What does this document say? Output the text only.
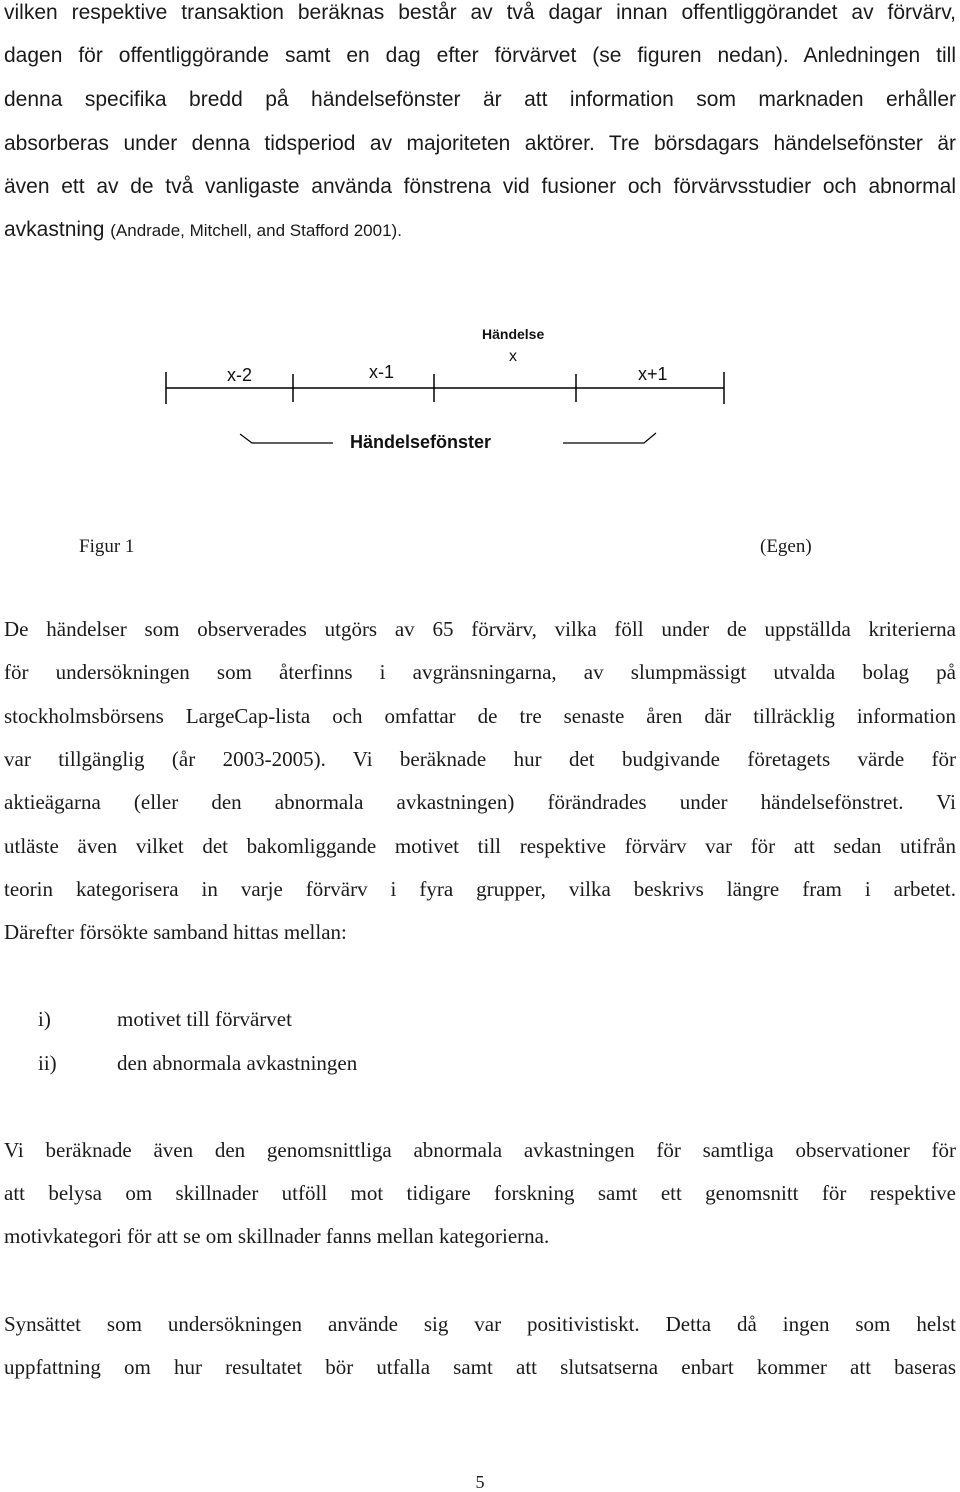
vilken respektive transaktion beräknas består av två dagar innan offentliggörandet av förvärv,

dagen för offentliggörande samt en dag efter förvärvet (se figuren nedan). Anledningen till

denna specifika bredd på händelsefönster är att information som marknaden erhåller

absorberas under denna tidsperiod av majoriteten aktörer. Tre börsdagars händelsefönster är

även ett av de två vanligaste använda fönstrena vid fusioner och förvärvsstudier och abnormal

avkastning (Andrade, Mitchell, and Stafford 2001).

Händelse
x
x-2	x-1	x+1
Händelsefönster
Figur 1	(Egen)

De händelser som observerades utgörs av 65 förvärv, vilka föll under de uppställda kriterierna

för undersökningen som återfinns i avgränsningarna, av slumpmässigt utvalda bolag på

stockholmsbörsens LargeCap-lista och omfattar de tre senaste åren där tillräcklig information

var tillgänglig (år 2003-2005). Vi beräknade hur det budgivande företagets värde för

aktieägarna (eller den abnormala avkastningen) förändrades under händelsefönstret. Vi

utläste även vilket det bakomliggande motivet till respektive förvärv var för att sedan utifrån

teorin kategorisera in varje förvärv i fyra grupper, vilka beskrivs längre fram i arbetet.

Därefter försökte samband hittas mellan:

i)	motivet till förvärvet
ii)	den abnormala avkastningen

Vi beräknade även den genomsnittliga abnormala avkastningen för samtliga observationer för

att belysa om skillnader utföll mot tidigare forskning samt ett genomsnitt för respektive

motivkategori för att se om skillnader fanns mellan kategorierna.

Synsättet som undersökningen använde sig var positivistiskt. Detta då ingen som helst

uppfattning om hur resultatet bör utfalla samt att slutsatserna enbart kommer att baseras

5
